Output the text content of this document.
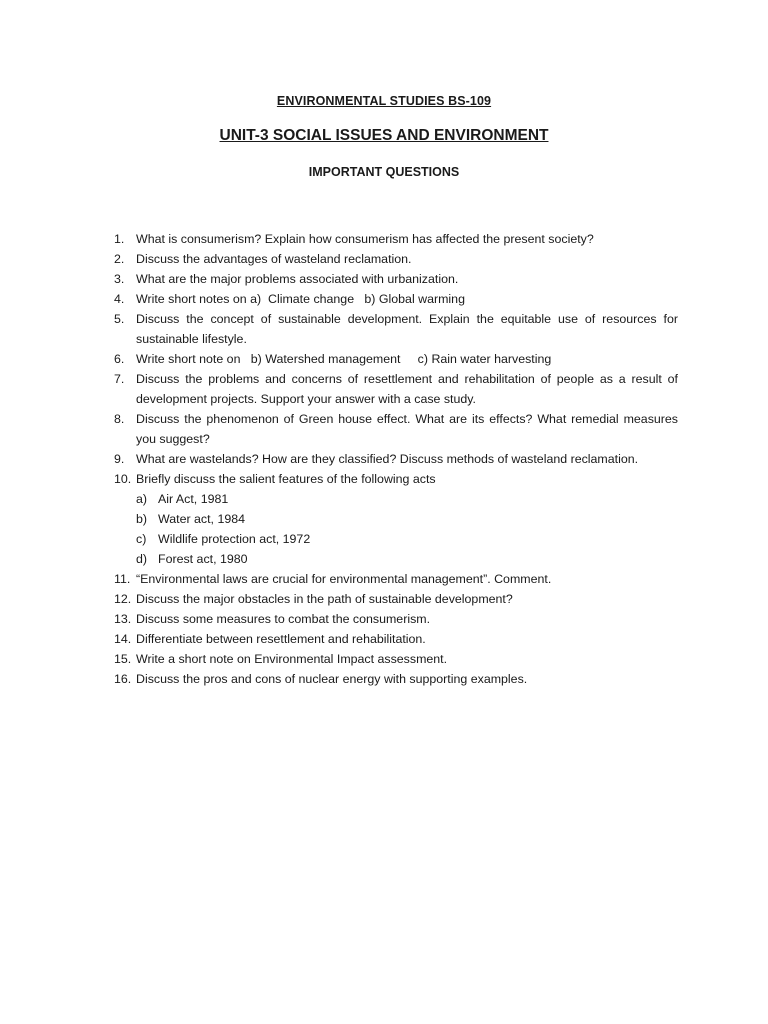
ENVIRONMENTAL STUDIES BS-109
UNIT-3 SOCIAL ISSUES AND ENVIRONMENT
IMPORTANT QUESTIONS
1. What is consumerism? Explain how consumerism has affected the present society?
2. Discuss the advantages of wasteland reclamation.
3. What are the major problems associated with urbanization.
4. Write short notes on a)  Climate change   b) Global warming
5. Discuss the concept of sustainable development. Explain the equitable use of resources for sustainable lifestyle.
6. Write short note on   b) Watershed management     c) Rain water harvesting
7. Discuss the problems and concerns of resettlement and rehabilitation of people as a result of development projects. Support your answer with a case study.
8. Discuss the phenomenon of Green house effect. What are its effects? What remedial measures you suggest?
9. What are wastelands? How are they classified? Discuss methods of wasteland reclamation.
10. Briefly discuss the salient features of the following acts
a) Air Act, 1981
b) Water act, 1984
c) Wildlife protection act, 1972
d) Forest act, 1980
11. “Environmental laws are crucial for environmental management”. Comment.
12. Discuss the major obstacles in the path of sustainable development?
13. Discuss some measures to combat the consumerism.
14. Differentiate between resettlement and rehabilitation.
15. Write a short note on Environmental Impact assessment.
16. Discuss the pros and cons of nuclear energy with supporting examples.
